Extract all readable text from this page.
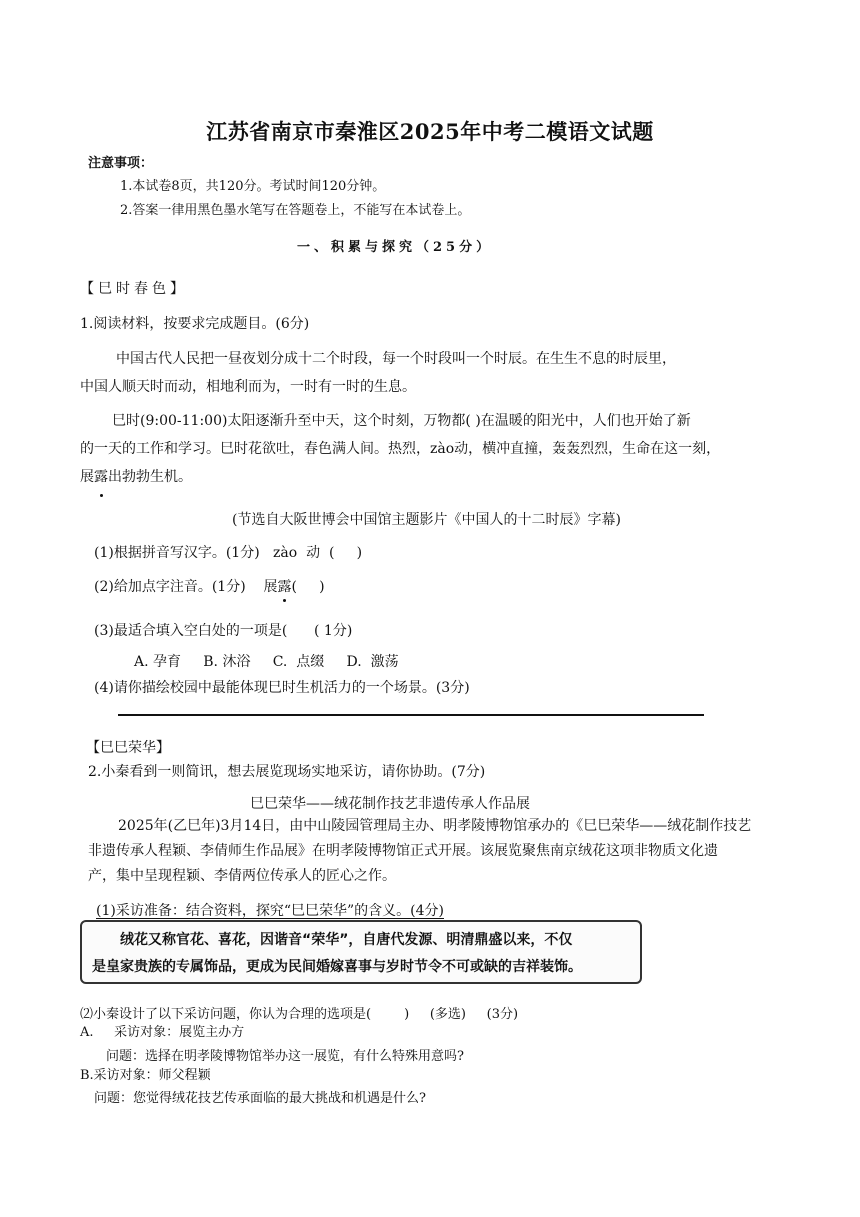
江苏省南京市秦淮区2025年中考二模语文试题
注意事项：
1.本试卷8页，共120分。考试时间120分钟。
2.答案一律用黑色墨水笔写在答题卷上，不能写在本试卷上。
一、积累与探究（25分）
【巳时春色】
1.阅读材料，按要求完成题目。(6分)
中国古代人民把一昼夜划分成十二个时段，每一个时段叫一个时辰。在生生不息的时辰里，
中国人顺天时而动，相地利而为，一时有一时的生息。
巳时(9:00-11:00)太阳逐渐升至中天，这个时刻，万物都( )在温暖的阳光中，人们也开始了新
的一天的工作和学习。巳时花欲吐，春色满人间。热烈，zào动，横冲直撞，轰轰烈烈，生命在这一刻，
展露出勃勃生机。
(节选自大阪世博会中国馆主题影片《中国人的十二时辰》字幕)
(1)根据拼音写汉字。(1分)   zào  动  (     )
(2)给加点字注音。(1分)    展露(     )
(3)最适合填入空白处的一项是(      ( 1分)
A. 孕育     B. 沐浴     C.  点缀     D.  激荡
(4)请你描绘校园中最能体现巳时生机活力的一个场景。(3分)
【巳巳荣华】
2.小秦看到一则简讯，想去展览现场实地采访，请你协助。(7分)
巳巳荣华——绒花制作技艺非遗传承人作品展
2025年(乙巳年)3月14日，由中山陵园管理局主办、明孝陵博物馆承办的《巳巳荣华——绒花制作技艺
非遗传承人程颖、李倩师生作品展》在明孝陵博物馆正式开展。该展览聚焦南京绒花这项非物质文化遗
产，集中呈现程颖、李倩两位传承人的匠心之作。
(1)采访准备：结合资料，探究“巳巳荣华”的含义。(4分)
绒花又称官花、喜花，因谐音“荣华”，自唐代发源、明清鼎盛以来，不仅
是皇家贵族的专属饰品，更成为民间婚嫁喜事与岁时节令不可或缺的吉祥装饰。
⑵小秦设计了以下采访问题，你认为合理的选项是(        )     (多选)     (3分)
A.     采访对象：展览主办方
问题：选择在明孝陵博物馆举办这一展览，有什么特殊用意吗?
B.采访对象：师父程颖
问题：您觉得绒花技艺传承面临的最大挑战和机遇是什么?
